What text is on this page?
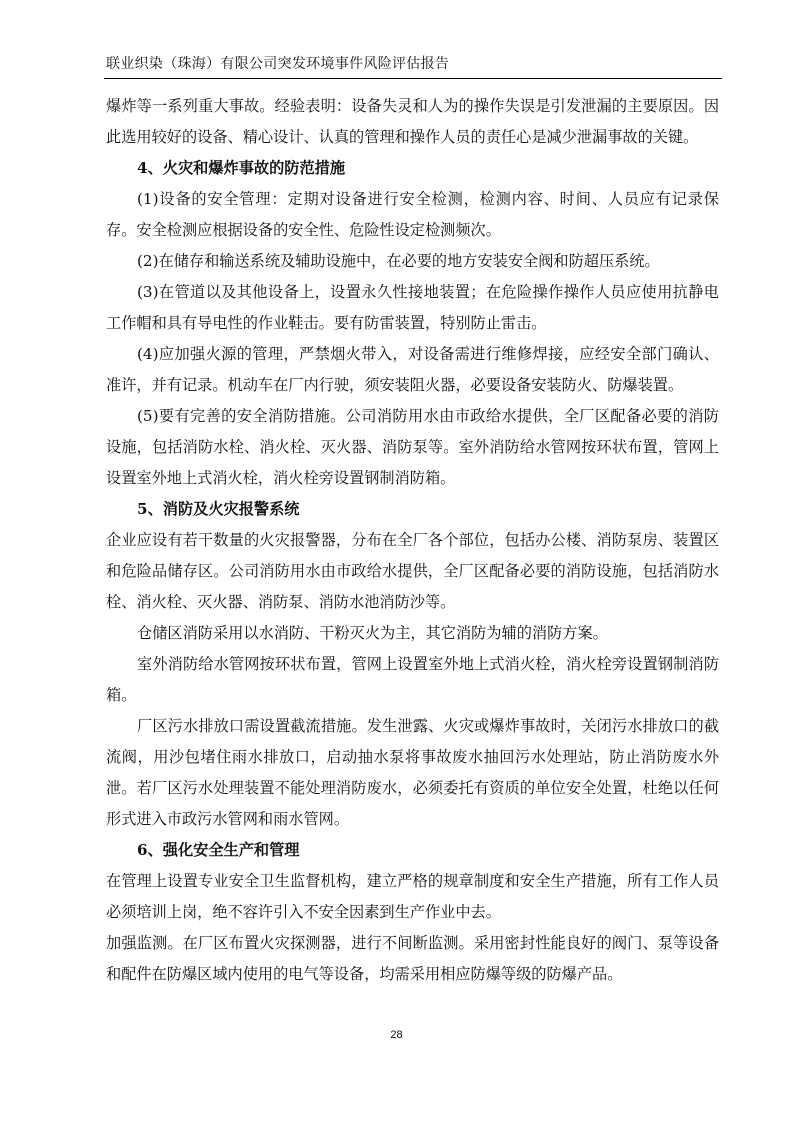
联业织染（珠海）有限公司突发环境事件风险评估报告

爆炸等一系列重大事故。经验表明：设备失灵和人为的操作失误是引发泄漏的主要原因。因此选用较好的设备、精心设计、认真的管理和操作人员的责任心是减少泄漏事故的关键。

4、火灾和爆炸事故的防范措施

(1)设备的安全管理：定期对设备进行安全检测，检测内容、时间、人员应有记录保存。安全检测应根据设备的安全性、危险性设定检测频次。

(2)在储存和输送系统及辅助设施中，在必要的地方安装安全阀和防超压系统。

(3)在管道以及其他设备上，设置永久性接地装置；在危险操作操作人员应使用抗静电工作帽和具有导电性的作业鞋击。要有防雷装置，特别防止雷击。

(4)应加强火源的管理，严禁烟火带入，对设备需进行维修焊接，应经安全部门确认、准许，并有记录。机动车在厂内行驶，须安装阻火器，必要设备安装防火、防爆装置。

(5)要有完善的安全消防措施。公司消防用水由市政给水提供，全厂区配备必要的消防设施，包括消防水栓、消火栓、灭火器、消防泵等。室外消防给水管网按环状布置，管网上设置室外地上式消火栓，消火栓旁设置钢制消防箱。

5、消防及火灾报警系统

企业应设有若干数量的火灾报警器，分布在全厂各个部位，包括办公楼、消防泵房、装置区和危险品储存区。公司消防用水由市政给水提供，全厂区配备必要的消防设施，包括消防水栓、消火栓、灭火器、消防泵、消防水池消防沙等。

仓储区消防采用以水消防、干粉灭火为主，其它消防为辅的消防方案。

室外消防给水管网按环状布置，管网上设置室外地上式消火栓，消火栓旁设置钢制消防箱。

厂区污水排放口需设置截流措施。发生泄露、火灾或爆炸事故时，关闭污水排放口的截流阀，用沙包堵住雨水排放口，启动抽水泵将事故废水抽回污水处理站，防止消防废水外泄。若厂区污水处理装置不能处理消防废水，必须委托有资质的单位安全处置，杜绝以任何形式进入市政污水管网和雨水管网。

6、强化安全生产和管理

在管理上设置专业安全卫生监督机构，建立严格的规章制度和安全生产措施，所有工作人员必须培训上岗，绝不容许引入不安全因素到生产作业中去。

加强监测。在厂区布置火灾探测器，进行不间断监测。采用密封性能良好的阀门、泵等设备和配件在防爆区域内使用的电气等设备，均需采用相应防爆等级的防爆产品。

28
